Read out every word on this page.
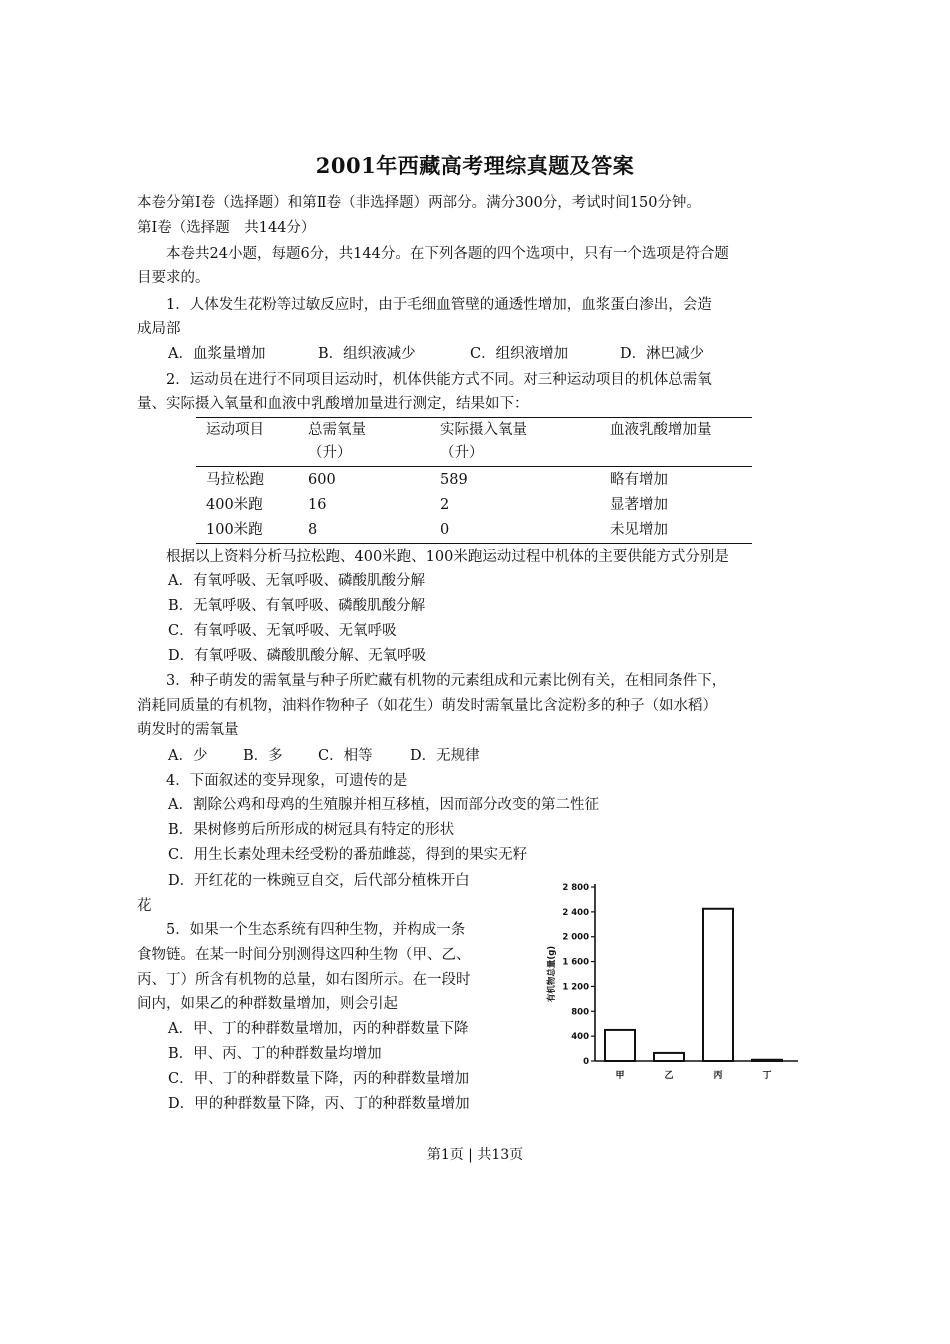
2001年西藏高考理综真题及答案
本卷分第Ⅰ卷（选择题）和第Ⅱ卷（非选择题）两部分。满分300分，考试时间150分钟。
第Ⅰ卷（选择题　共144分）
本卷共24小题，每题6分，共144分。在下列各题的四个选项中，只有一个选项是符合题
目要求的。
1．人体发生花粉等过敏反应时，由于毛细血管壁的通透性增加，血浆蛋白渗出，会造
成局部
A．血浆量增加	B．组织液减少	C．组织液增加	D．淋巴减少
2．运动员在进行不同项目运动时，机体供能方式不同。对三种运动项目的机体总需氧
量、实际摄入氧量和血液中乳酸增加量进行测定，结果如下：
运动项目	总需氧量	实际摄入氧量	血液乳酸增加量
（升）	（升）
马拉松跑	600	589	略有增加
400米跑	16	2	显著增加
100米跑	8	0	未见增加
根据以上资料分析马拉松跑、400米跑、100米跑运动过程中机体的主要供能方式分别是
A．有氧呼吸、无氧呼吸、磷酸肌酸分解
B．无氧呼吸、有氧呼吸、磷酸肌酸分解
C．有氧呼吸、无氧呼吸、无氧呼吸
D．有氧呼吸、磷酸肌酸分解、无氧呼吸
3．种子萌发的需氧量与种子所贮藏有机物的元素组成和元素比例有关，在相同条件下，
消耗同质量的有机物，油料作物种子（如花生）萌发时需氧量比含淀粉多的种子（如水稻）
萌发时的需氧量
A．少 B．多 C．相等	D．无规律
4．下面叙述的变异现象，可遗传的是
A．割除公鸡和母鸡的生殖腺并相互移植，因而部分改变的第二性征
B．果树修剪后所形成的树冠具有特定的形状
C．用生长素处理未经受粉的番茄雌蕊，得到的果实无籽
D．开红花的一株豌豆自交，后代部分植株开白
花
5．如果一个生态系统有四种生物，并构成一条
食物链。在某一时间分别测得这四种生物（甲、乙、
丙、丁）所含有机物的总量，如右图所示。在一段时
间内，如果乙的种群数量增加，则会引起
A．甲、丁的种群数量增加，丙的种群数量下降
B．甲、丙、丁的种群数量均增加
C．甲、丁的种群数量下降，丙的种群数量增加
D．甲的种群数量下降，丙、丁的种群数量增加
0
400
800
1 200
1 600
2 000
2 400
2 800
有机物总量(g)
甲	乙	丙	丁
第1页 | 共13页
